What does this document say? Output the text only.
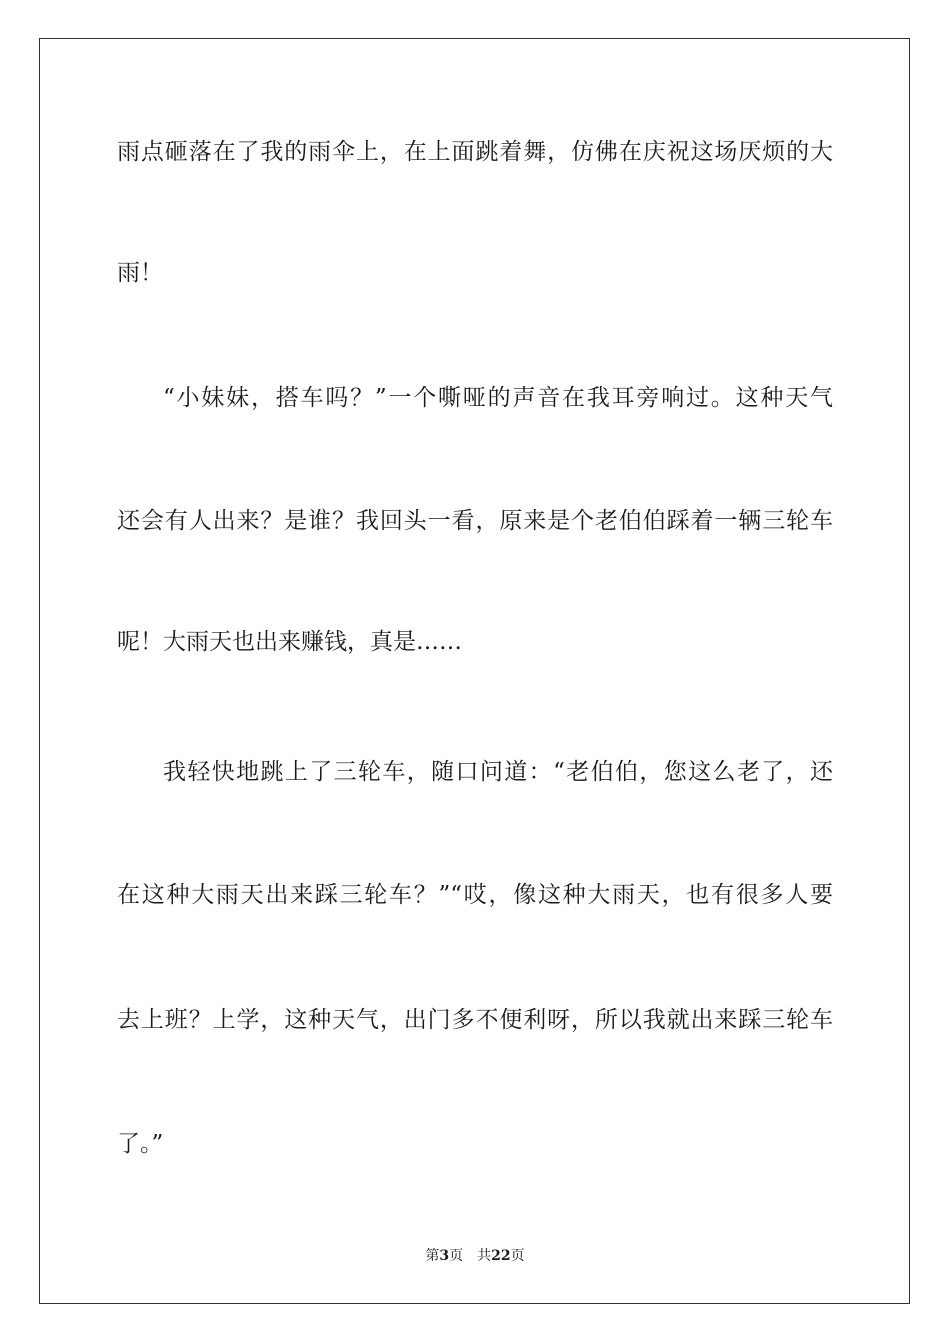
雨点砸落在了我的雨伞上，在上面跳着舞，仿佛在庆祝这场厌烦的大
雨！
“小妹妹，搭车吗？”一个嘶哑的声音在我耳旁响过。这种天气
还会有人出来？是谁？我回头一看，原来是个老伯伯踩着一辆三轮车
呢！大雨天也出来赚钱，真是……
我轻快地跳上了三轮车，随口问道：“老伯伯，您这么老了，还
在这种大雨天出来踩三轮车？”“哎，像这种大雨天，也有很多人要
去上班？上学，这种天气，出门多不便利呀，所以我就出来踩三轮车
了。”
第3页 共22页
